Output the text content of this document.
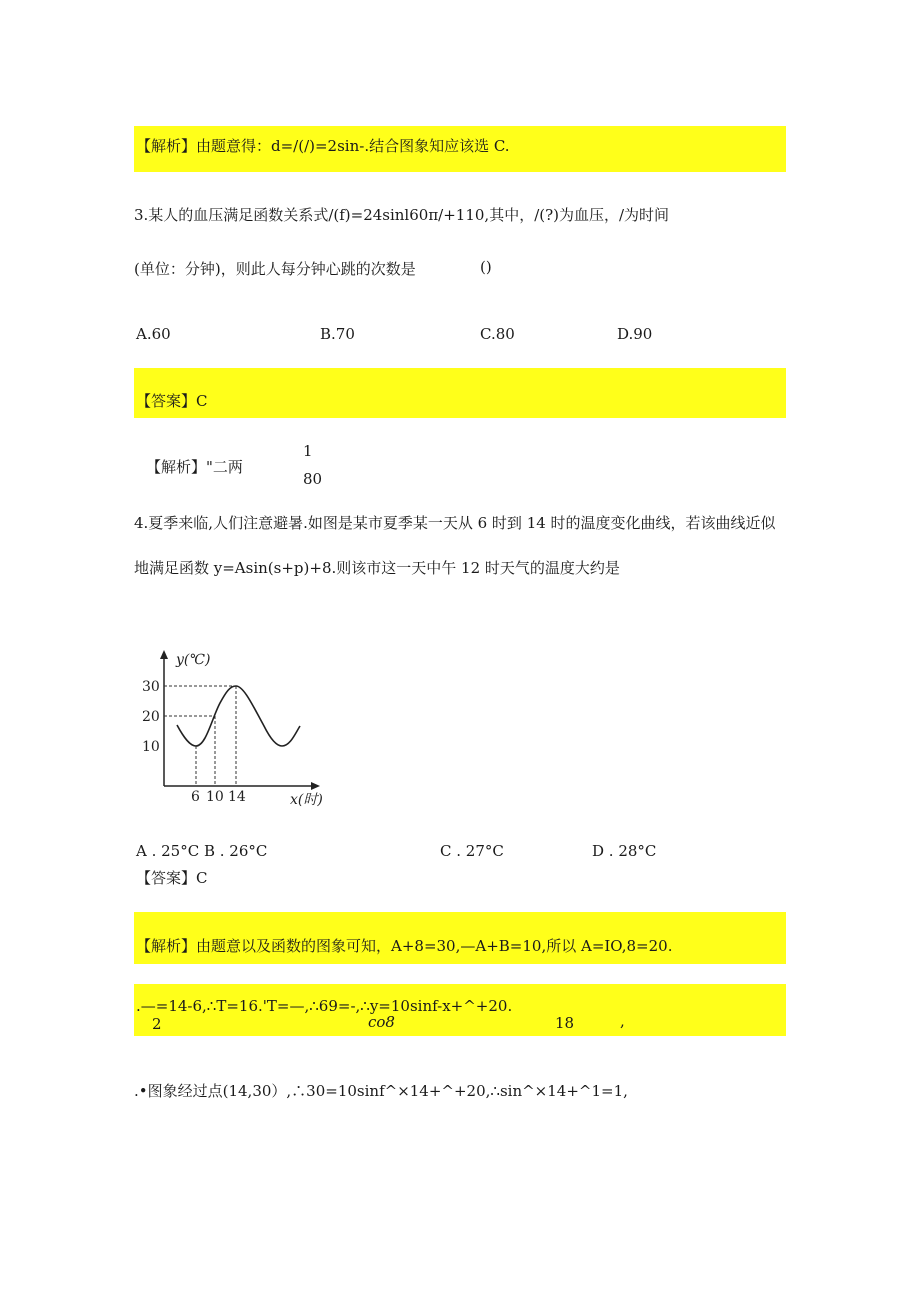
【解析】由题意得：d=/(/)=2sin-.结合图象知应该选 C.
3.某人的血压满足函数关系式/(f)=24sinl60π/+110,其中，/(?)为血压，/为时间
(单位：分钟)，则此人每分钟心跳的次数是	()
A.60	B.70	C.80	D.90
【答案】C
【解析】"二两
1
80
4.夏季来临,人们注意避暑.如图是某市夏季某一天从 6 时到 14 时的温度变化曲线，若该曲线近似
地满足函数 y=Asin(s+p)+8.则该市这一天中午 12 时天气的温度大约是
30
20
10
6 10 14
y(℃)
x(时)
A . 25°C B . 26°C	C . 27°C	D . 28°C
【答案】C
【解析】由题意以及函数的图象可知，A+8=30,—A+B=10,所以 A=IO,8=20.
.—=14-6,∴T=16.'T=—,∴69=-,∴y=10sinf-x+^+20.
2	co8	18	,
.•图象经过点(14,30）,∴30=10sinf^×14+^+20,∴sin^×14+^1=1,
